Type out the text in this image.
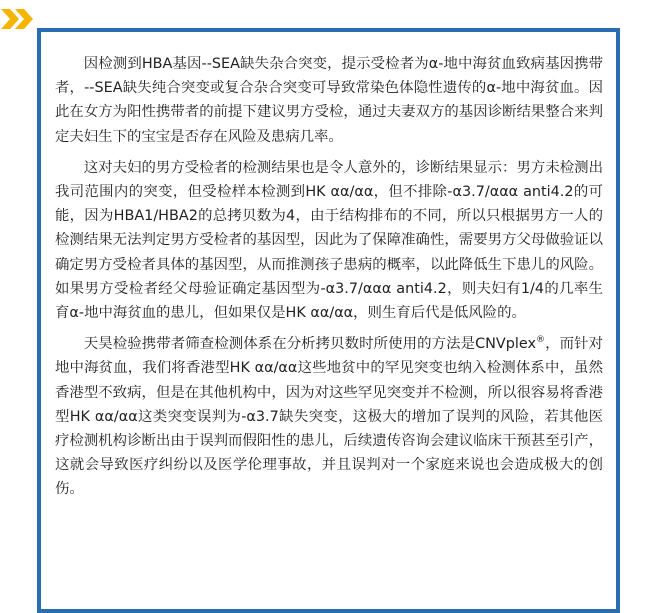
因检测到HBA基因--SEA缺失杂合突变，提示受检者为α-地中海贫血致病基因携带者，--SEA缺失纯合突变或复合杂合突变可导致常染色体隐性遗传的α-地中海贫血。因此在女方为阳性携带者的前提下建议男方受检，通过夫妻双方的基因诊断结果整合来判定夫妇生下的宝宝是否存在风险及患病几率。

这对夫妇的男方受检者的检测结果也是令人意外的，诊断结果显示：男方未检测出我司范围内的突变，但受检样本检测到HK αα/αα，但不排除-α3.7/ααα anti4.2的可能，因为HBA1/HBA2的总拷贝数为4，由于结构排布的不同，所以只根据男方一人的检测结果无法判定男方受检者的基因型，因此为了保障准确性，需要男方父母做验证以确定男方受检者具体的基因型，从而推测孩子患病的概率，以此降低生下患儿的风险。如果男方受检者经父母验证确定基因型为-α3.7/ααα anti4.2，则夫妇有1/4的几率生育α-地中海贫血的患儿，但如果仅是HK αα/αα，则生育后代是低风险的。

天昊检验携带者筛查检测体系在分析拷贝数时所使用的方法是CNVplex®，而针对地中海贫血，我们将香港型HK αα/αα这些地贫中的罕见突变也纳入检测体系中，虽然香港型不致病，但是在其他机构中，因为对这些罕见突变并不检测，所以很容易将香港型HK αα/αα这类突变误判为-α3.7缺失突变，这极大的增加了误判的风险，若其他医疗检测机构诊断出由于误判而假阳性的患儿，后续遗传咨询会建议临床干预甚至引产，这就会导致医疗纠纷以及医学伦理事故，并且误判对一个家庭来说也会造成极大的创伤。
